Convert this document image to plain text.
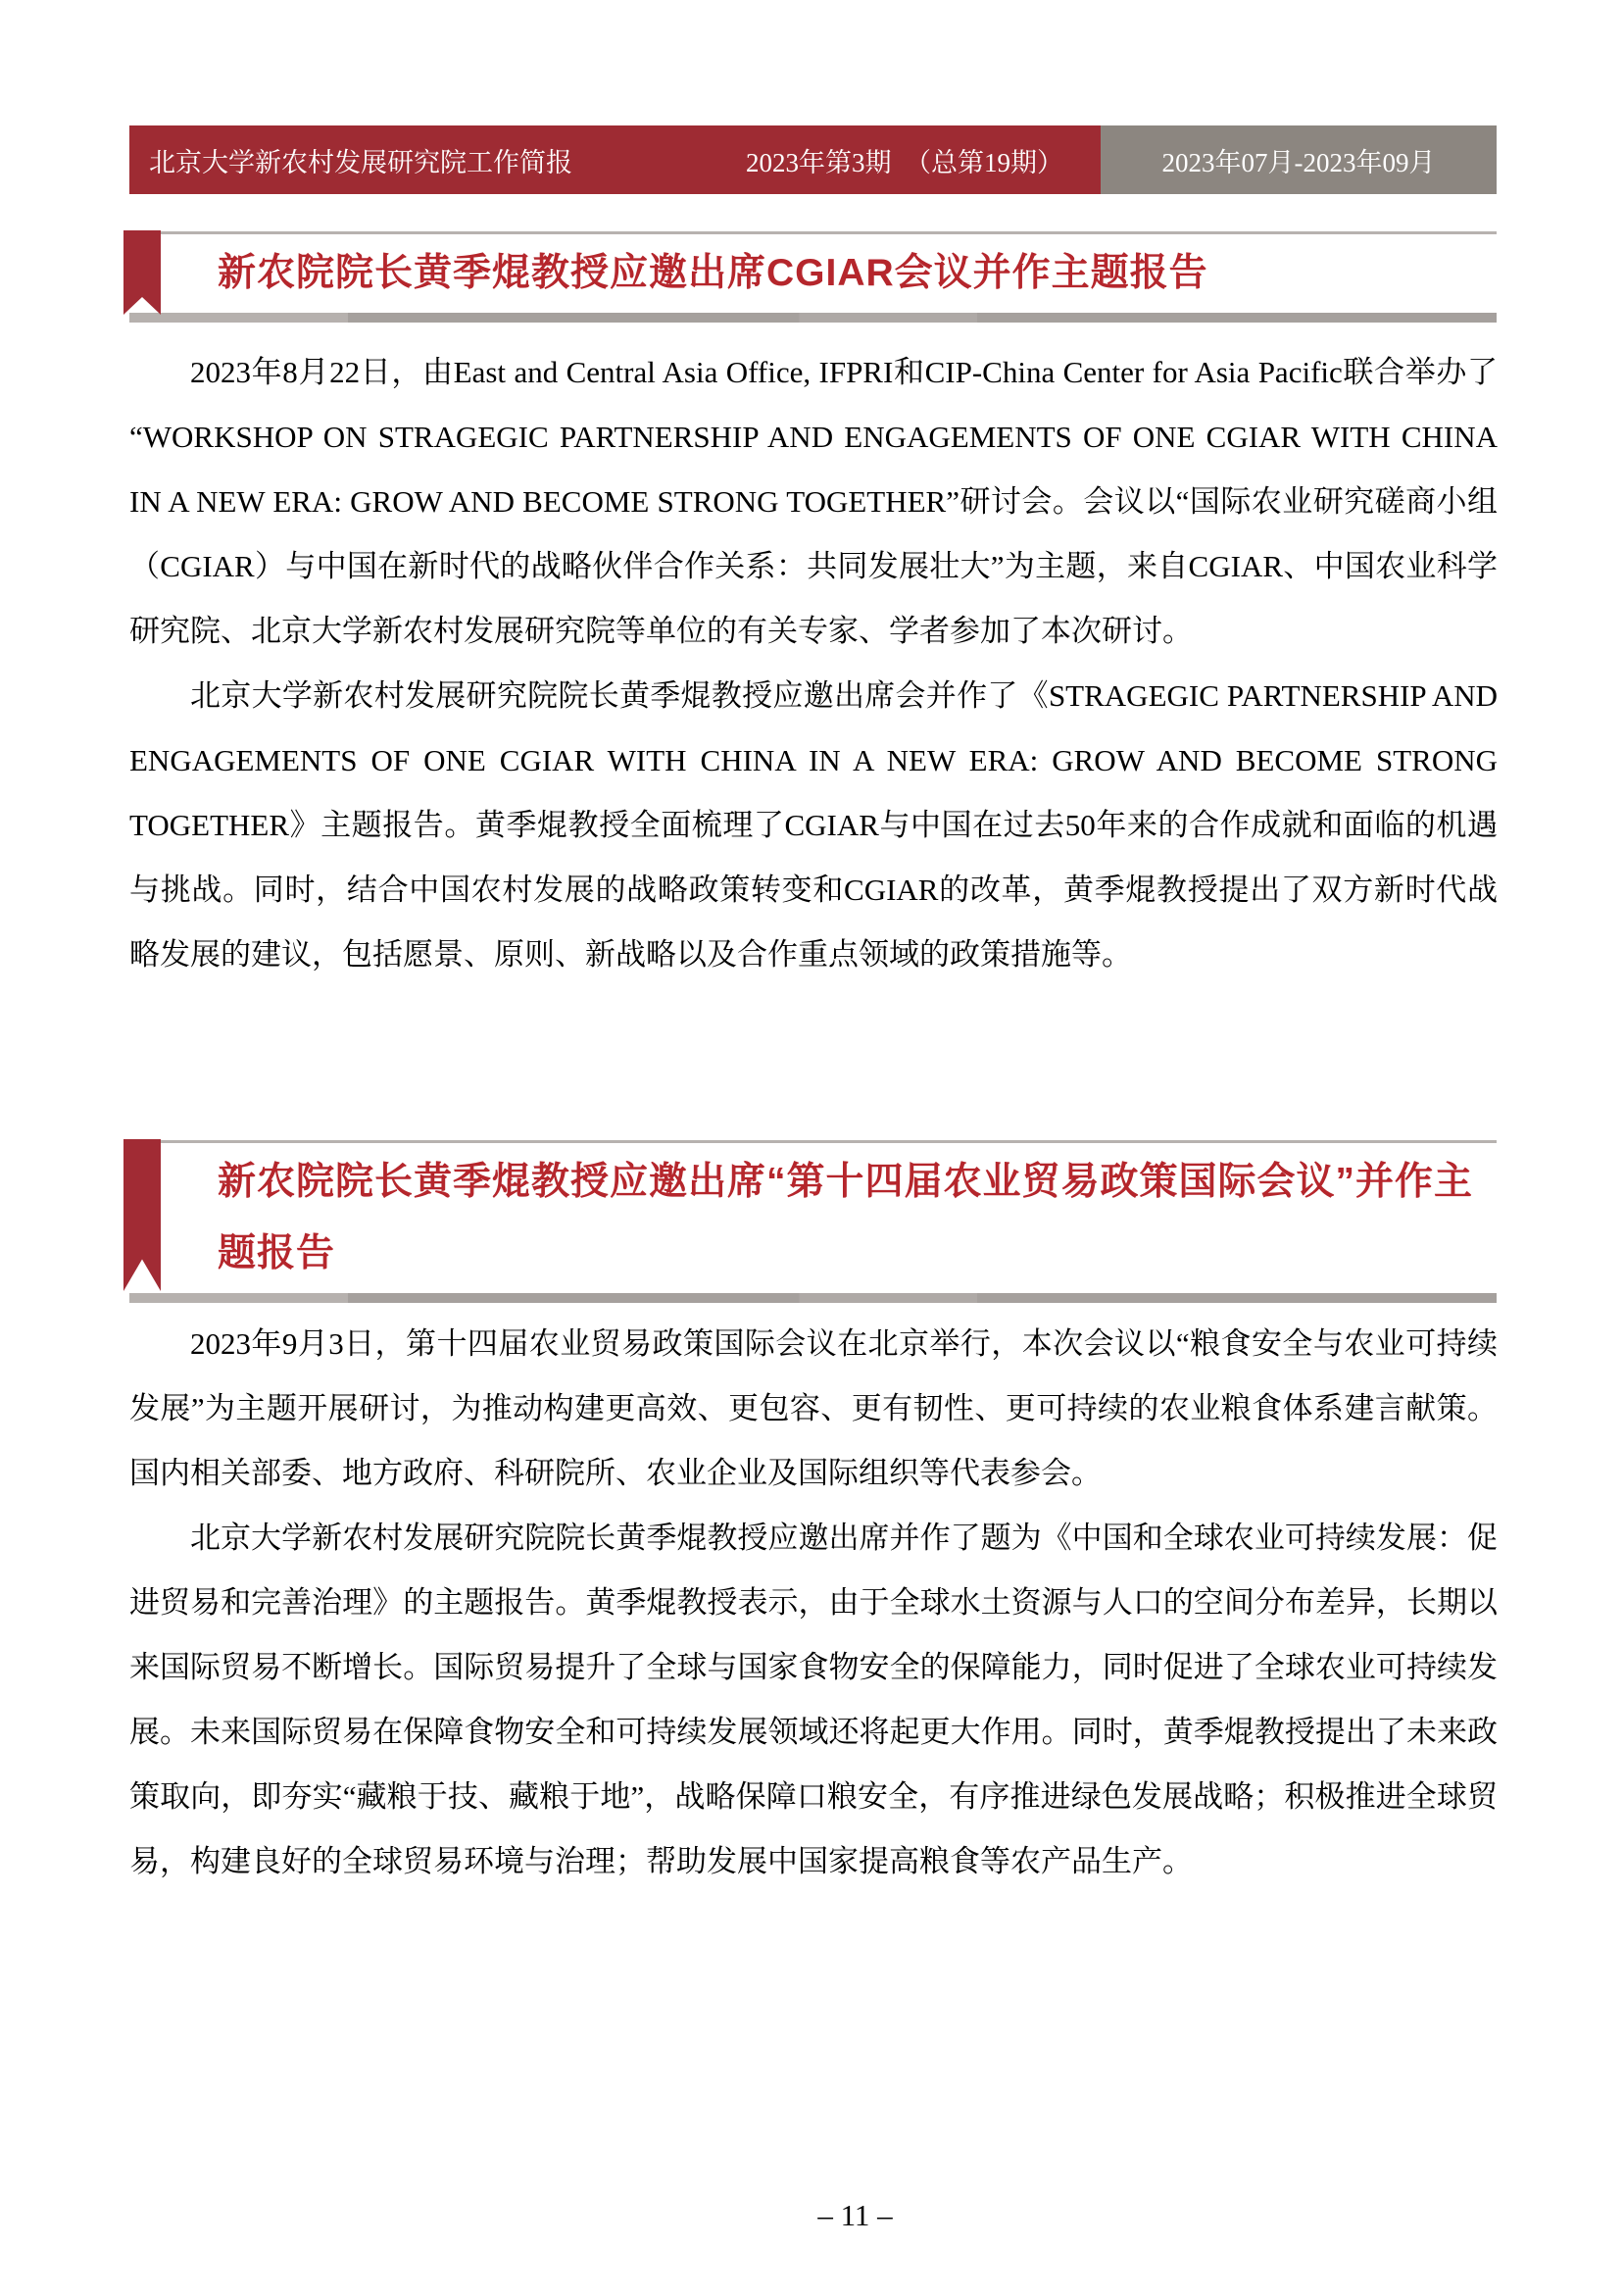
北京大学新农村发展研究院工作简报	2023年第3期　（总第19期）	2023年07月-2023年09月
新农院院长黄季焜教授应邀出席CGIAR会议并作主题报告

2023年8月22日，由East and Central Asia Office, IFPRI和CIP-China Center for Asia Pacific联合举办了 “WORKSHOP ON STRAGEGIC PARTNERSHIP AND ENGAGEMENTS OF ONE CGIAR WITH CHINA IN A NEW ERA: GROW AND BECOME STRONG TOGETHER”研讨会。会议以“国际农业研究磋商小组（CGIAR）与中国在新时代的战略伙伴合作关系：共同发展壮大”为主题，来自CGIAR、中国农业科学研究院、北京大学新农村发展研究院等单位的有关专家、学者参加了本次研讨。

北京大学新农村发展研究院院长黄季焜教授应邀出席会并作了《STRAGEGIC PARTNERSHIP AND ENGAGEMENTS OF ONE CGIAR WITH CHINA IN A NEW ERA: GROW AND BECOME STRONG TOGETHER》主题报告。黄季焜教授全面梳理了CGIAR与中国在过去50年来的合作成就和面临的机遇与挑战。同时，结合中国农村发展的战略政策转变和CGIAR的改革，黄季焜教授提出了双方新时代战略发展的建议，包括愿景、原则、新战略以及合作重点领域的政策措施等。

新农院院长黄季焜教授应邀出席“第十四届农业贸易政策国际会议”并作主题报告

2023年9月3日，第十四届农业贸易政策国际会议在北京举行，本次会议以“粮食安全与农业可持续发展”为主题开展研讨，为推动构建更高效、更包容、更有韧性、更可持续的农业粮食体系建言献策。国内相关部委、地方政府、科研院所、农业企业及国际组织等代表参会。

北京大学新农村发展研究院院长黄季焜教授应邀出席并作了题为《中国和全球农业可持续发展：促进贸易和完善治理》的主题报告。黄季焜教授表示，由于全球水土资源与人口的空间分布差异，长期以来国际贸易不断增长。国际贸易提升了全球与国家食物安全的保障能力，同时促进了全球农业可持续发展。未来国际贸易在保障食物安全和可持续发展领域还将起更大作用。同时，黄季焜教授提出了未来政策取向，即夯实“藏粮于技、藏粮于地”，战略保障口粮安全，有序推进绿色发展战略；积极推进全球贸易，构建良好的全球贸易环境与治理；帮助发展中国家提高粮食等农产品生产。

– 11 –
